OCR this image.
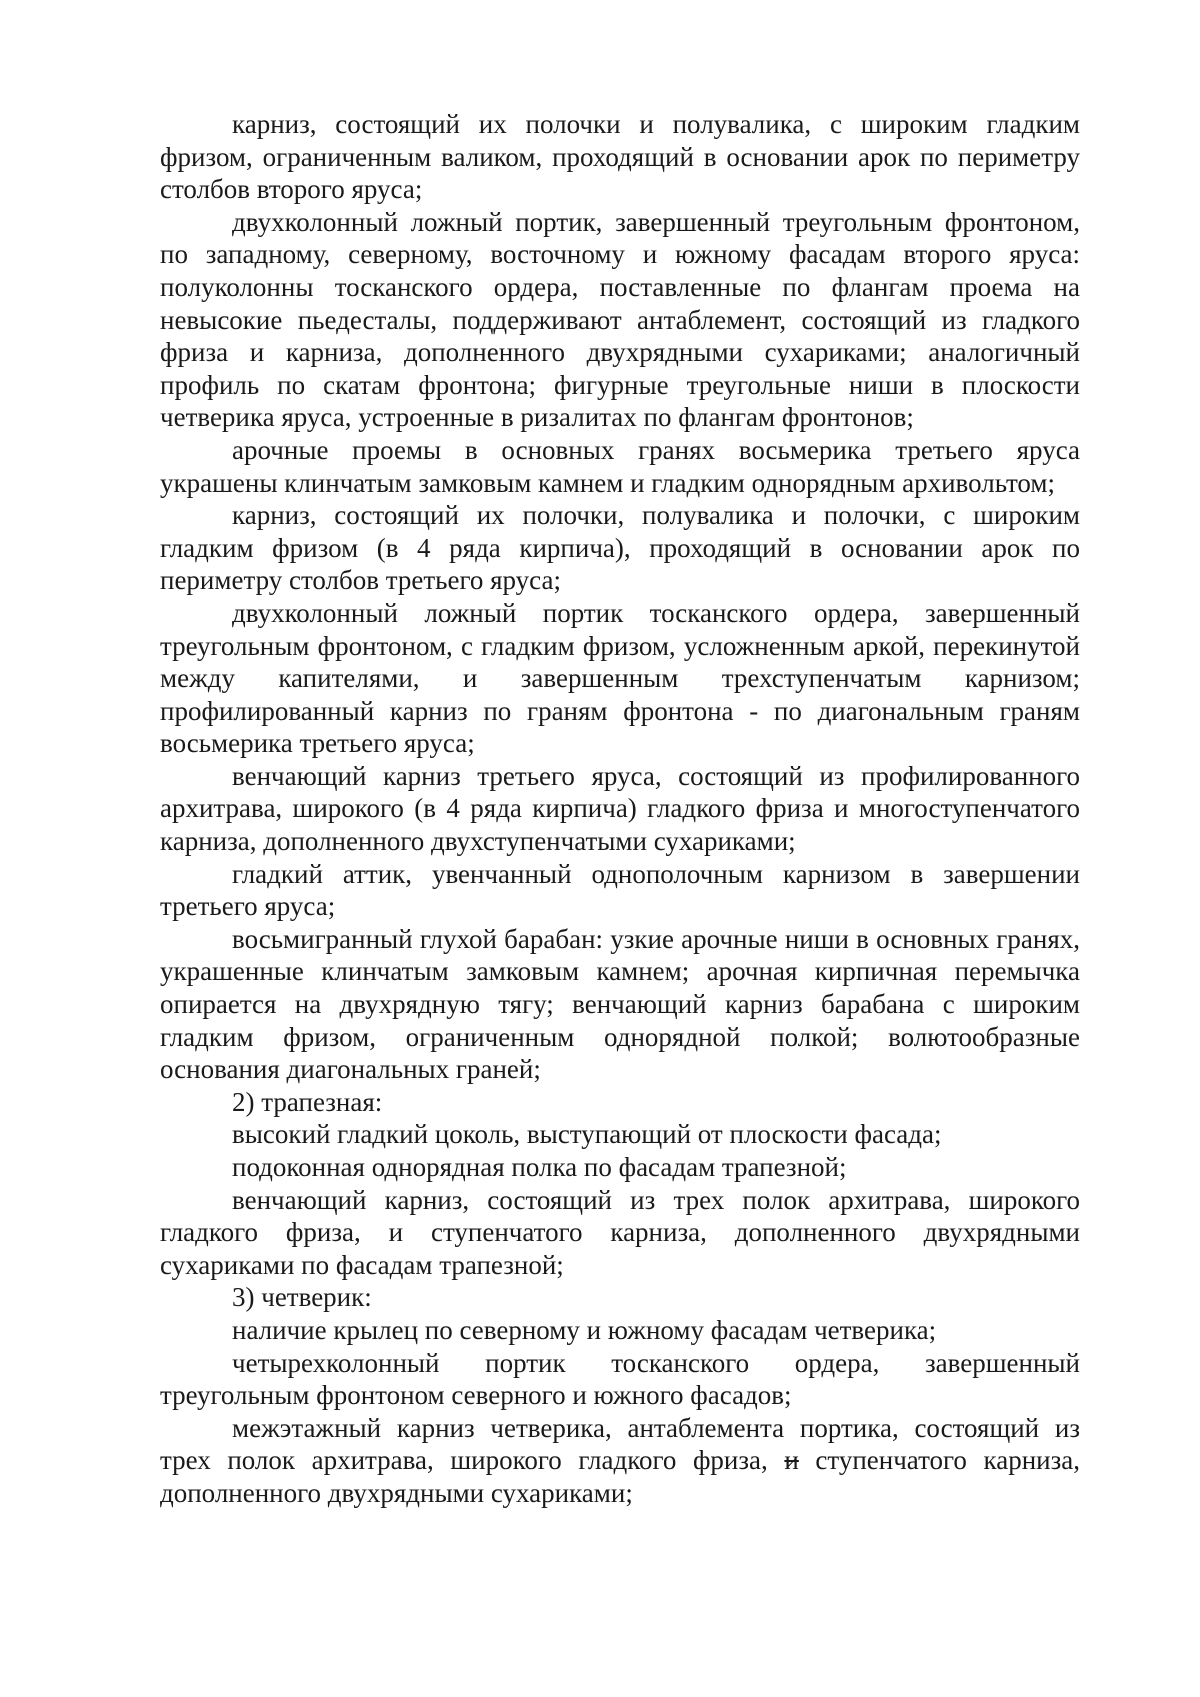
карниз, состоящий их полочки и полувалика, с широким гладким фризом, ограниченным валиком, проходящий в основании арок по периметру столбов второго яруса;

двухколонный ложный портик, завершенный треугольным фронтоном, по западному, северному, восточному и южному фасадам второго яруса: полуколонны тосканского ордера, поставленные по флангам проема на невысокие пьедесталы, поддерживают антаблемент, состоящий из гладкого фриза и карниза, дополненного двухрядными сухариками; аналогичный профиль по скатам фронтона; фигурные треугольные ниши в плоскости четверика яруса, устроенные в ризалитах по флангам фронтонов;

арочные проемы в основных гранях восьмерика третьего яруса украшены клинчатым замковым камнем и гладким однорядным архивольтом;

карниз, состоящий их полочки, полувалика и полочки, с широким гладким фризом (в 4 ряда кирпича), проходящий в основании арок по периметру столбов третьего яруса;

двухколонный ложный портик тосканского ордера, завершенный треугольным фронтоном, с гладким фризом, усложненным аркой, перекинутой между капителями, и завершенным трехступенчатым карнизом; профилированный карниз по граням фронтона - по диагональным граням восьмерика третьего яруса;

венчающий карниз третьего яруса, состоящий из профилированного архитрава, широкого (в 4 ряда кирпича) гладкого фриза и многоступенчатого карниза, дополненного двухступенчатыми сухариками;

гладкий аттик, увенчанный однополочным карнизом в завершении третьего яруса;

восьмигранный глухой барабан: узкие арочные ниши в основных гранях, украшенные клинчатым замковым камнем; арочная кирпичная перемычка опирается на двухрядную тягу; венчающий карниз барабана с широким гладким фризом, ограниченным однорядной полкой; волютообразные основания диагональных граней;

2) трапезная:

высокий гладкий цоколь, выступающий от плоскости фасада;

подоконная однорядная полка по фасадам трапезной;

венчающий карниз, состоящий из трех полок архитрава, широкого гладкого фриза, и ступенчатого карниза, дополненного двухрядными сухариками по фасадам трапезной;

3) четверик:

наличие крылец по северному и южному фасадам четверика;

четырехколонный портик тосканского ордера, завершенный треугольным фронтоном северного и южного фасадов;

межэтажный карниз четверика, антаблемента портика, состоящий из трех полок архитрава, широкого гладкого фриза, и ступенчатого карниза, дополненного двухрядными сухариками;
